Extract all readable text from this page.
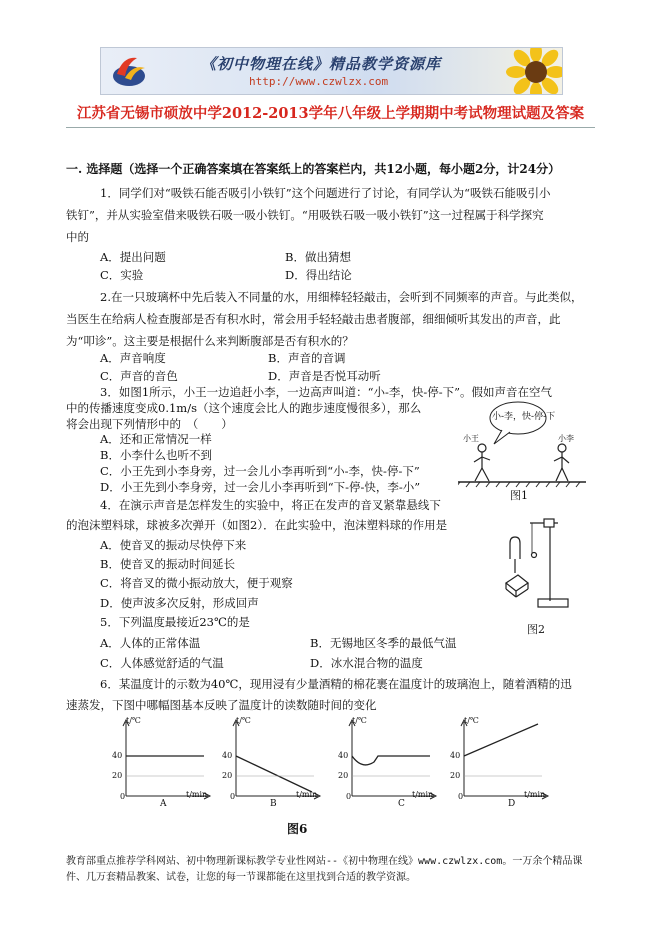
《初中物理在线》精品教学资源库
http://www.czwlzx.com
江苏省无锡市硕放中学2012-2013学年八年级上学期期中考试物理试题及答案
一. 选择题（选择一个正确答案填在答案纸上的答案栏内，共12小题，每小题2分，计24分）
1．同学们对“吸铁石能否吸引小铁钉”这个问题进行了讨论，有同学认为“吸铁石能吸引小
铁钉”，并从实验室借来吸铁石吸一吸小铁钉。“用吸铁石吸一吸小铁钉”这一过程属于科学探究
中的
A．提出问题	B．做出猜想
C．实验	D．得出结论
2.在一只玻璃杯中先后装入不同量的水，用细棒轻轻敲击，会听到不同频率的声音。与此类似，
当医生在给病人检查腹部是否有积水时，常会用手轻轻敲击患者腹部，细细倾听其发出的声音，此
为“叩诊”。这主要是根据什么来判断腹部是否有积水的？
A．声音响度	B．声音的音调
C．声音的音色	D．声音是否悦耳动听
3．如图1所示，小王一边追赶小李，一边高声叫道：“小-李，快-停-下”。假如声音在空气
中的传播速度变成0.1m/s（这个速度会比人的跑步速度慢很多），那么
将会出现下列情形中的　（　　）
A．还和正常情况一样
B．小李什么也听不到
C．小王先到小李身旁，过一会儿小李再听到“小-李，快-停-下”
D．小王先到小李身旁，过一会儿小李再听到“下-停-快，李-小”
小-李，快-停-下
小王	小李
图1
4．在演示声音是怎样发生的实验中，将正在发声的音叉紧靠悬线下
的泡沫塑料球，球被多次弹开（如图2）．在此实验中，泡沫塑料球的作用是
A．使音叉的振动尽快停下来
B．使音叉的振动时间延长
C．将音叉的微小振动放大，便于观察
D．使声波多次反射，形成回声
图2
5．下列温度最接近23℃的是
A．人体的正常体温	B．无锡地区冬季的最低气温
C．人体感觉舒适的气温	D．冰水混合物的温度
6．某温度计的示数为40℃，现用浸有少量酒精的棉花裹在温度计的玻璃泡上，随着酒精的迅
速蒸发，下图中哪幅图基本反映了温度计的读数随时间的变化
t/℃	t/℃	t/℃	t/℃
40
20
0
40
20
0
40
20
0
40
20
0
t/min	t/min	t/min	t/min
A	B	C	D
图6
教育部重点推荐学科网站、初中物理新课标教学专业性网站--《初中物理在线》www.czwlzx.com。一万余个精品课
件、几万套精品教案、试卷，让您的每一节课都能在这里找到合适的教学资源。
